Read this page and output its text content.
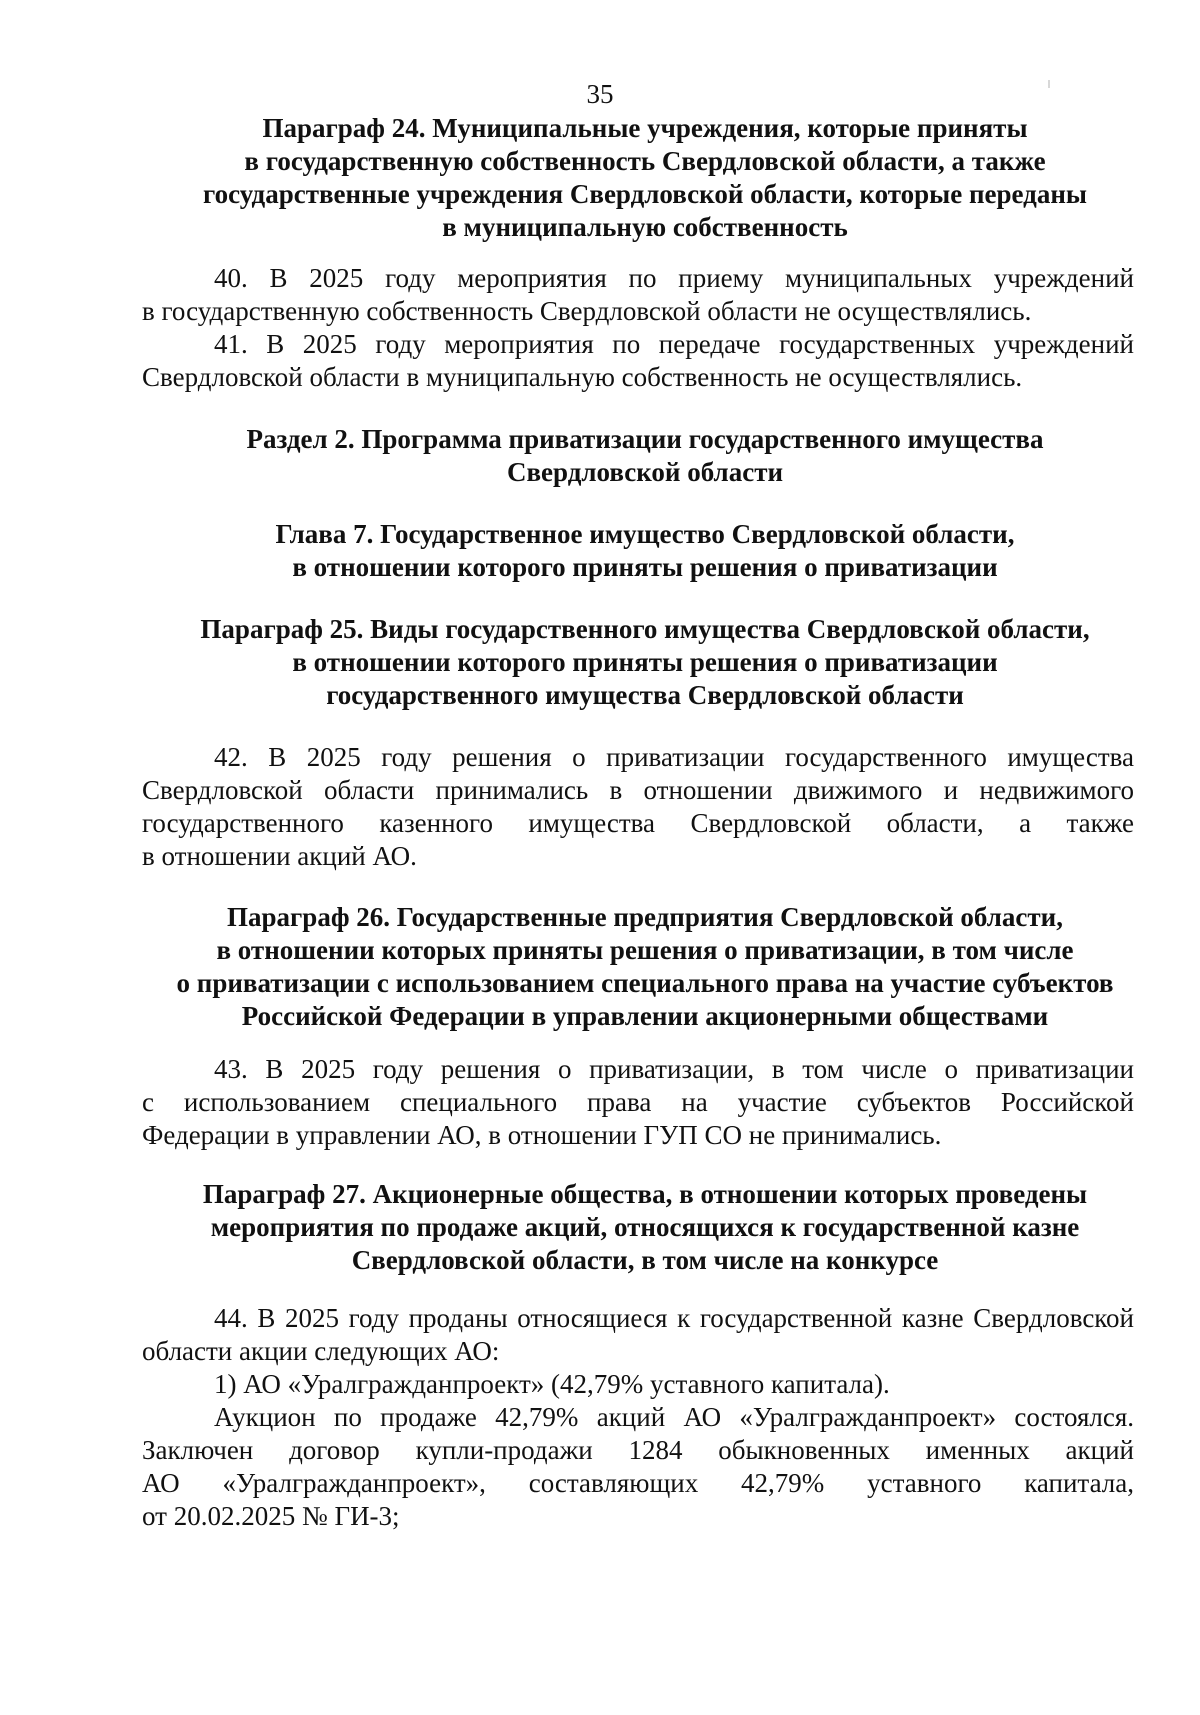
35
Параграф 24. Муниципальные учреждения, которые приняты
в государственную собственность Свердловской области, а также
государственные учреждения Свердловской области, которые переданы
в муниципальную собственность
40. В 2025 году мероприятия по приему муниципальных учреждений
в государственную собственность Свердловской области не осуществлялись.
41. В 2025 году мероприятия по передаче государственных учреждений
Свердловской области в муниципальную собственность не осуществлялись.
Раздел 2. Программа приватизации государственного имущества
Свердловской области
Глава 7. Государственное имущество Свердловской области,
в отношении которого приняты решения о приватизации
Параграф 25. Виды государственного имущества Свердловской области,
в отношении которого приняты решения о приватизации
государственного имущества Свердловской области
42. В 2025 году решения о приватизации государственного имущества
Свердловской области принимались в отношении движимого и недвижимого
государственного казенного имущества Свердловской области, а также
в отношении акций АО.
Параграф 26. Государственные предприятия Свердловской области,
в отношении которых приняты решения о приватизации, в том числе
о приватизации с использованием специального права на участие субъектов
Российской Федерации в управлении акционерными обществами
43. В 2025 году решения о приватизации, в том числе о приватизации
с использованием специального права на участие субъектов Российской
Федерации в управлении АО, в отношении ГУП СО не принимались.
Параграф 27. Акционерные общества, в отношении которых проведены
мероприятия по продаже акций, относящихся к государственной казне
Свердловской области, в том числе на конкурсе
44. В 2025 году проданы относящиеся к государственной казне Свердловской
области акции следующих АО:
1) АО «Уралгражданпроект» (42,79% уставного капитала).
Аукцион по продаже 42,79% акций АО «Уралгражданпроект» состоялся.
Заключен договор купли-продажи 1284 обыкновенных именных акций
АО «Уралгражданпроект», составляющих 42,79% уставного капитала,
от 20.02.2025 № ГИ-3;
